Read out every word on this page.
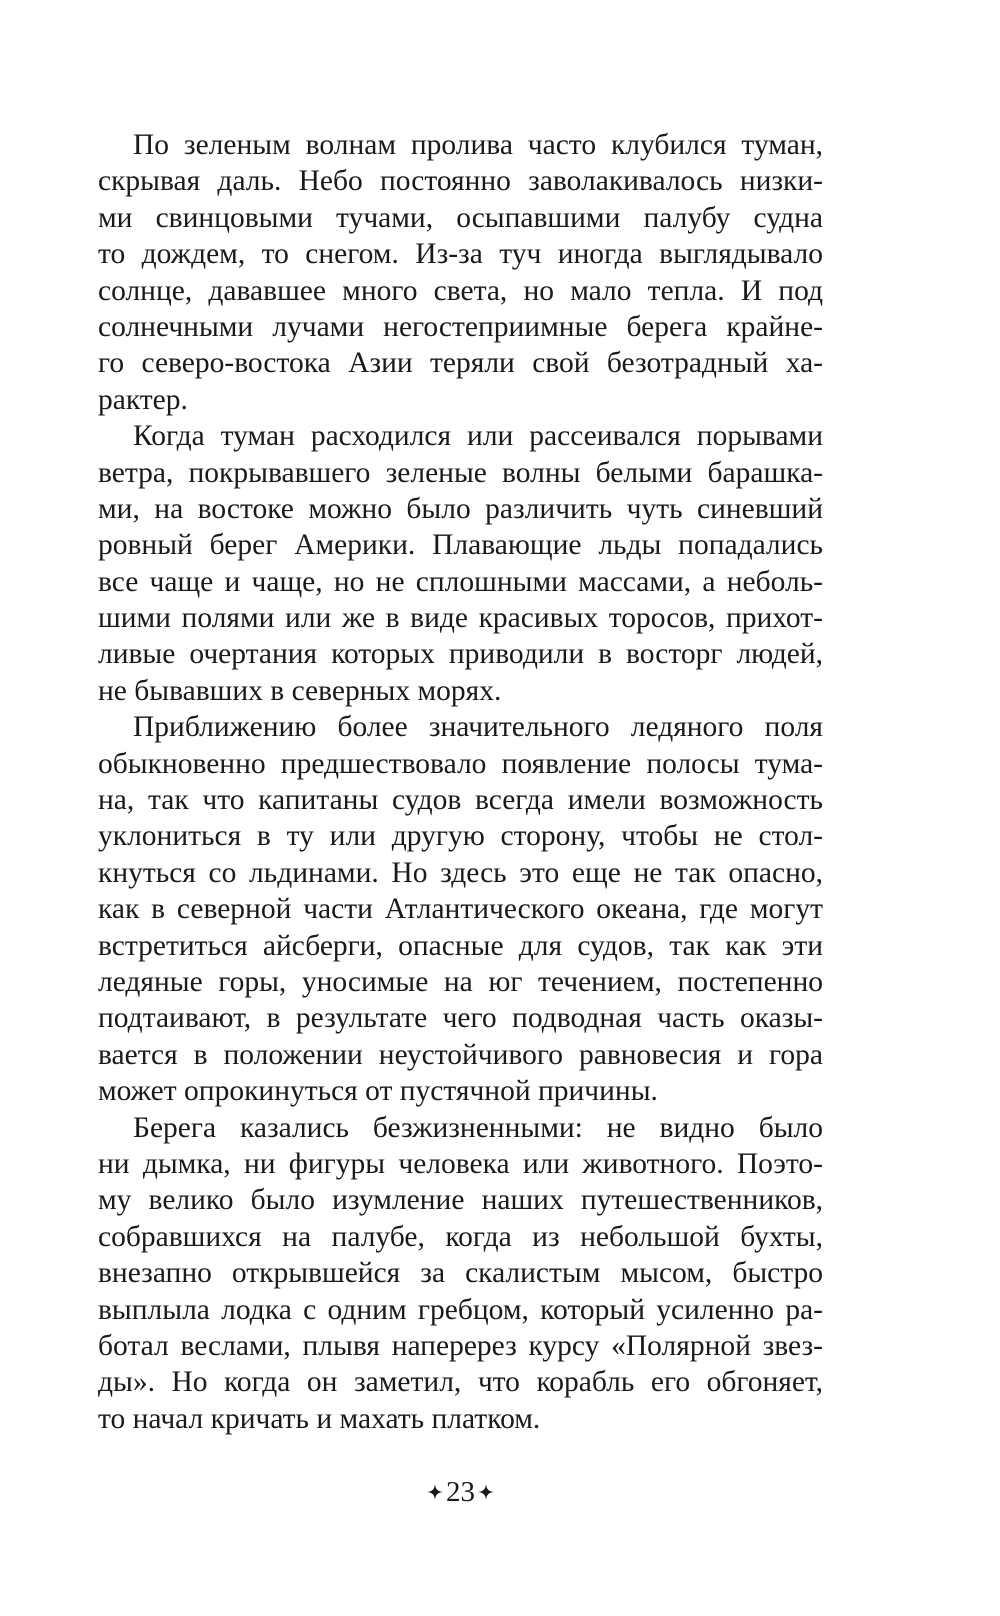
По зеленым волнам пролива часто клубился туман,
скрывая даль. Небо постоянно заволакивалось низки-
ми свинцовыми тучами, осыпавшими палубу судна
то дождем, то снегом. Из-за туч иногда выглядывало
солнце, дававшее много света, но мало тепла. И под
солнечными лучами негостеприимные берега крайне-
го северо-востока Азии теряли свой безотрадный ха-
рактер.
Когда туман расходился или рассеивался порывами
ветра, покрывавшего зеленые волны белыми барашка-
ми, на востоке можно было различить чуть синевший
ровный берег Америки. Плавающие льды попадались
все чаще и чаще, но не сплошными массами, а неболь-
шими полями или же в виде красивых торосов, прихот-
ливые очертания которых приводили в восторг людей,
не бывавших в северных морях.
Приближению более значительного ледяного поля
обыкновенно предшествовало появление полосы тума-
на, так что капитаны судов всегда имели возможность
уклониться в ту или другую сторону, чтобы не стол-
кнуться со льдинами. Но здесь это еще не так опасно,
как в северной части Атлантического океана, где могут
встретиться айсберги, опасные для судов, так как эти
ледяные горы, уносимые на юг течением, постепенно
подтаивают, в результате чего подводная часть оказы-
вается в положении неустойчивого равновесия и гора
может опрокинуться от пустячной причины.
Берега казались безжизненными: не видно было
ни дымка, ни фигуры человека или животного. Поэто-
му велико было изумление наших путешественников,
собравшихся на палубе, когда из небольшой бухты,
внезапно открывшейся за скалистым мысом, быстро
выплыла лодка с одним гребцом, который усиленно ра-
ботал веслами, плывя наперерез курсу «Полярной звез-
ды». Но когда он заметил, что корабль его обгоняет,
то начал кричать и махать платком.
23
